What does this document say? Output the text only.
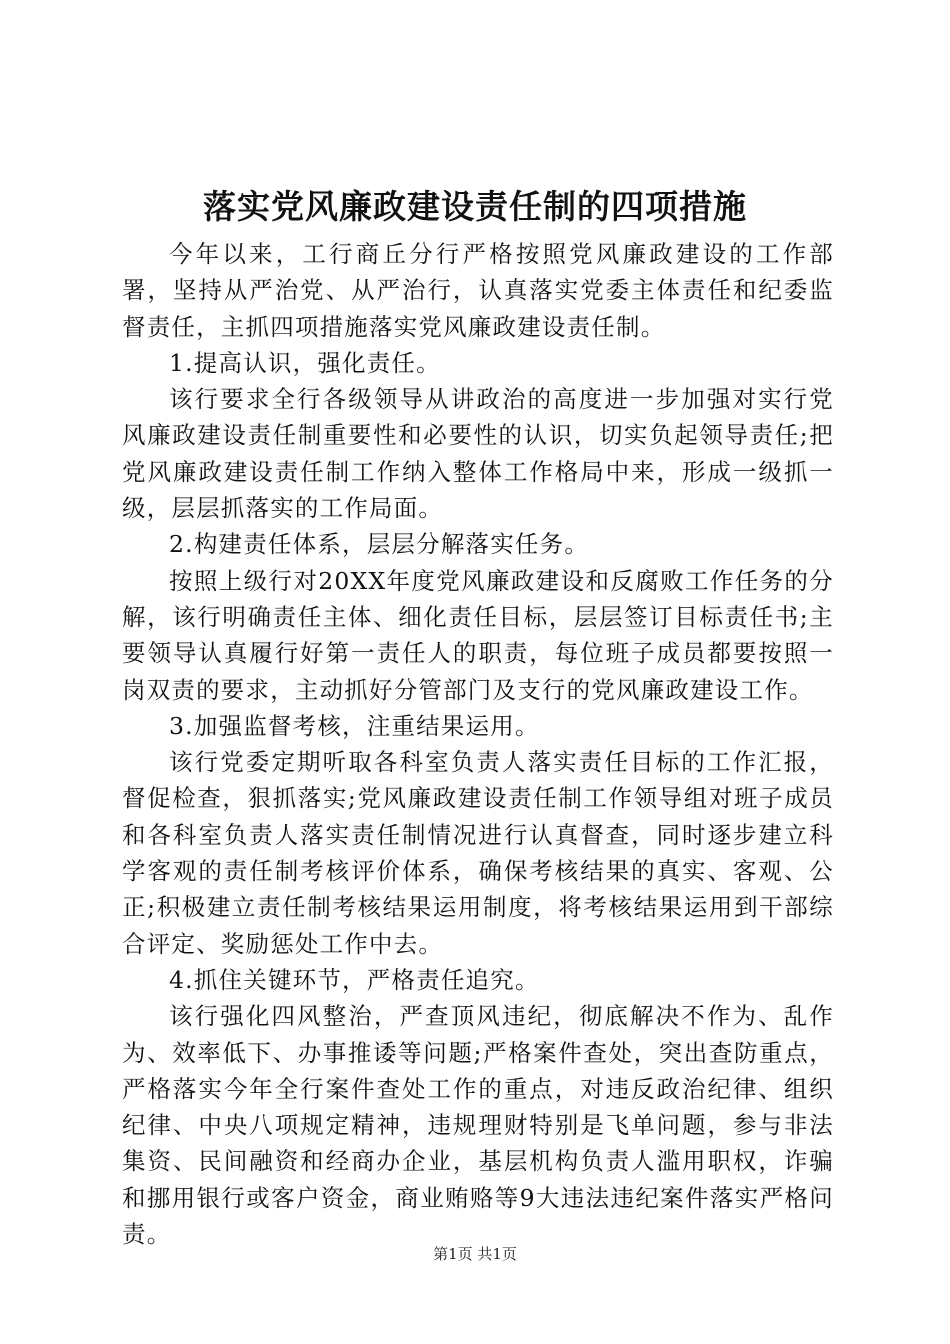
落实党风廉政建设责任制的四项措施

今年以来，工行商丘分行严格按照党风廉政建设的工作部署，坚持从严治党、从严治行，认真落实党委主体责任和纪委监督责任，主抓四项措施落实党风廉政建设责任制。

1.提高认识，强化责任。

该行要求全行各级领导从讲政治的高度进一步加强对实行党风廉政建设责任制重要性和必要性的认识，切实负起领导责任;把党风廉政建设责任制工作纳入整体工作格局中来，形成一级抓一级，层层抓落实的工作局面。

2.构建责任体系，层层分解落实任务。

按照上级行对20XX年度党风廉政建设和反腐败工作任务的分解，该行明确责任主体、细化责任目标，层层签订目标责任书;主要领导认真履行好第一责任人的职责，每位班子成员都要按照一岗双责的要求，主动抓好分管部门及支行的党风廉政建设工作。

3.加强监督考核，注重结果运用。

该行党委定期听取各科室负责人落实责任目标的工作汇报，督促检查，狠抓落实;党风廉政建设责任制工作领导组对班子成员和各科室负责人落实责任制情况进行认真督查，同时逐步建立科学客观的责任制考核评价体系，确保考核结果的真实、客观、公正;积极建立责任制考核结果运用制度，将考核结果运用到干部综合评定、奖励惩处工作中去。

4.抓住关键环节，严格责任追究。

该行强化四风整治，严查顶风违纪，彻底解决不作为、乱作为、效率低下、办事推诿等问题;严格案件查处，突出查防重点，严格落实今年全行案件查处工作的重点，对违反政治纪律、组织纪律、中央八项规定精神，违规理财特别是飞单问题，参与非法集资、民间融资和经商办企业，基层机构负责人滥用职权，诈骗和挪用银行或客户资金，商业贿赂等9大违法违纪案件落实严格问责。

第1页 共1页
